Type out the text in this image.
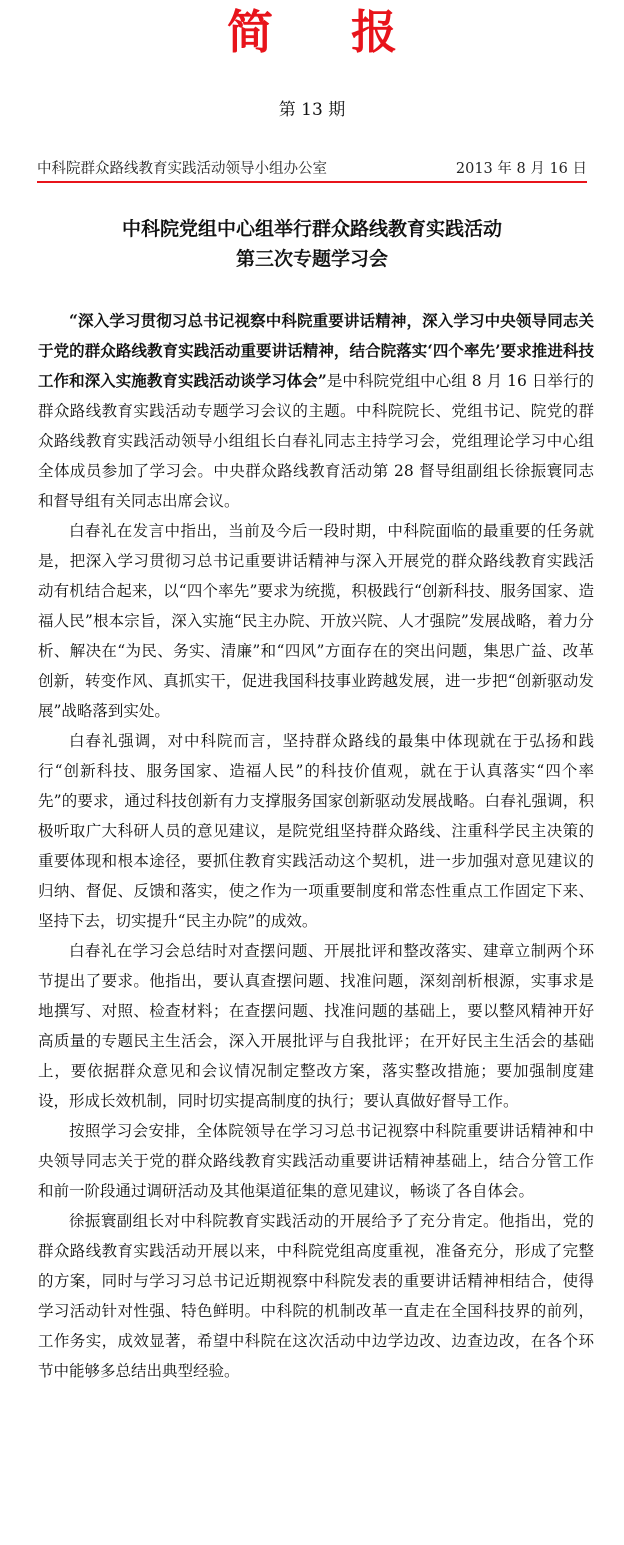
简 报
第 13 期
中科院群众路线教育实践活动领导小组办公室	2013 年 8 月 16 日
中科院党组中心组举行群众路线教育实践活动
第三次专题学习会

“深入学习贯彻习总书记视察中科院重要讲话精神，深入学习中央领导同志关于党的群众路线教育实践活动重要讲话精神，结合院落实‘四个率先’要求推进科技工作和深入实施教育实践活动谈学习体会”是中科院党组中心组 8 月 16 日举行的群众路线教育实践活动专题学习会议的主题。中科院院长、党组书记、院党的群众路线教育实践活动领导小组组长白春礼同志主持学习会，党组理论学习中心组全体成员参加了学习会。中央群众路线教育活动第 28 督导组副组长徐振寰同志和督导组有关同志出席会议。

白春礼在发言中指出，当前及今后一段时期，中科院面临的最重要的任务就是，把深入学习贯彻习总书记重要讲话精神与深入开展党的群众路线教育实践活动有机结合起来，以“四个率先”要求为统揽，积极践行“创新科技、服务国家、造福人民”根本宗旨，深入实施“民主办院、开放兴院、人才强院”发展战略，着力分析、解决在“为民、务实、清廉”和“四风”方面存在的突出问题，集思广益、改革创新，转变作风、真抓实干，促进我国科技事业跨越发展，进一步把“创新驱动发展”战略落到实处。

白春礼强调，对中科院而言，坚持群众路线的最集中体现就在于弘扬和践行“创新科技、服务国家、造福人民”的科技价值观，就在于认真落实“四个率先”的要求，通过科技创新有力支撑服务国家创新驱动发展战略。白春礼强调，积极听取广大科研人员的意见建议，是院党组坚持群众路线、注重科学民主决策的重要体现和根本途径，要抓住教育实践活动这个契机，进一步加强对意见建议的归纳、督促、反馈和落实，使之作为一项重要制度和常态性重点工作固定下来、坚持下去，切实提升“民主办院”的成效。

白春礼在学习会总结时对查摆问题、开展批评和整改落实、建章立制两个环节提出了要求。他指出，要认真查摆问题、找准问题，深刻剖析根源，实事求是地撰写、对照、检查材料；在查摆问题、找准问题的基础上，要以整风精神开好高质量的专题民主生活会，深入开展批评与自我批评；在开好民主生活会的基础上，要依据群众意见和会议情况制定整改方案，落实整改措施；要加强制度建设，形成长效机制，同时切实提高制度的执行；要认真做好督导工作。

按照学习会安排，全体院领导在学习习总书记视察中科院重要讲话精神和中央领导同志关于党的群众路线教育实践活动重要讲话精神基础上，结合分管工作和前一阶段通过调研活动及其他渠道征集的意见建议，畅谈了各自体会。

徐振寰副组长对中科院教育实践活动的开展给予了充分肯定。他指出，党的群众路线教育实践活动开展以来，中科院党组高度重视，准备充分，形成了完整的方案，同时与学习习总书记近期视察中科院发表的重要讲话精神相结合，使得学习活动针对性强、特色鲜明。中科院的机制改革一直走在全国科技界的前列，工作务实，成效显著，希望中科院在这次活动中边学边改、边查边改，在各个环节中能够多总结出典型经验。
